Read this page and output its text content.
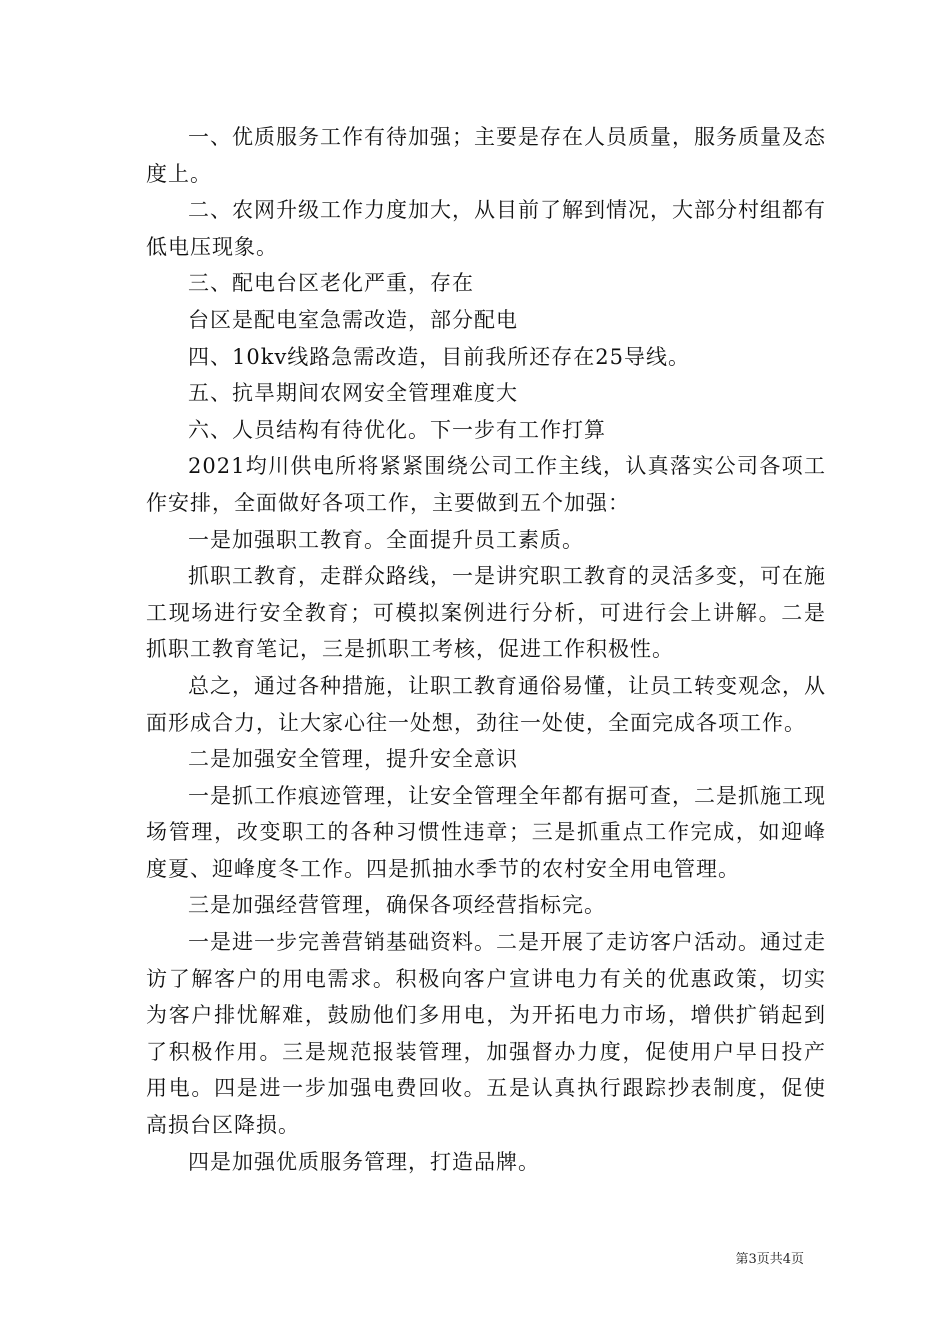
一、优质服务工作有待加强；主要是存在人员质量，服务质量及态度上。

二、农网升级工作力度加大，从目前了解到情况，大部分村组都有低电压现象。

三、配电台区老化严重，存在

台区是配电室急需改造，部分配电

四、10kv线路急需改造，目前我所还存在25导线。

五、抗旱期间农网安全管理难度大

六、人员结构有待优化。下一步有工作打算

2021均川供电所将紧紧围绕公司工作主线，认真落实公司各项工作安排，全面做好各项工作，主要做到五个加强：

一是加强职工教育。全面提升员工素质。

抓职工教育，走群众路线，一是讲究职工教育的灵活多变，可在施工现场进行安全教育；可模拟案例进行分析，可进行会上讲解。二是抓职工教育笔记，三是抓职工考核，促进工作积极性。

总之，通过各种措施，让职工教育通俗易懂，让员工转变观念，从面形成合力，让大家心往一处想，劲往一处使，全面完成各项工作。

二是加强安全管理，提升安全意识

一是抓工作痕迹管理，让安全管理全年都有据可查，二是抓施工现场管理，改变职工的各种习惯性违章；三是抓重点工作完成，如迎峰度夏、迎峰度冬工作。四是抓抽水季节的农村安全用电管理。

三是加强经营管理，确保各项经营指标完。

一是进一步完善营销基础资料。二是开展了走访客户活动。通过走访了解客户的用电需求。积极向客户宣讲电力有关的优惠政策，切实为客户排忧解难，鼓励他们多用电，为开拓电力市场，增供扩销起到了积极作用。三是规范报装管理，加强督办力度，促使用户早日投产用电。四是进一步加强电费回收。五是认真执行跟踪抄表制度，促使高损台区降损。

四是加强优质服务管理，打造品牌。

第3页共4页
